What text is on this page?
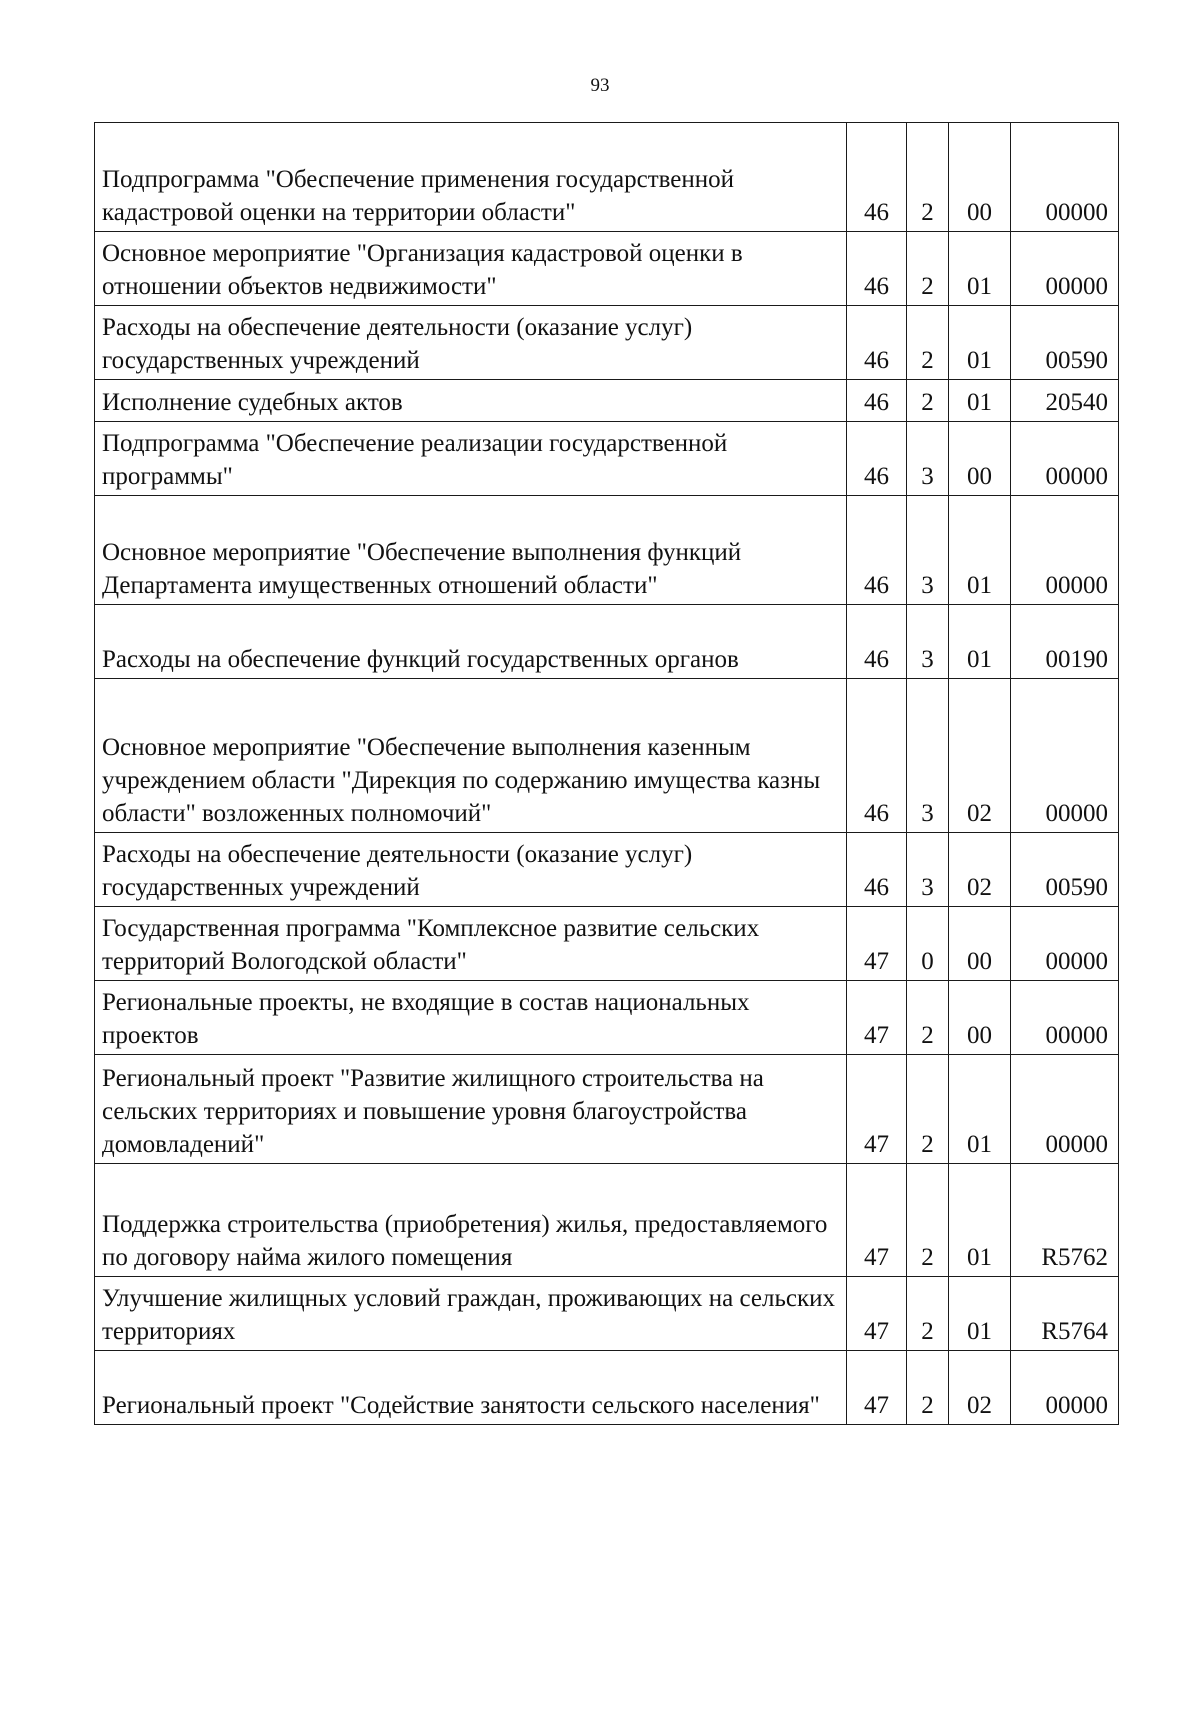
93
Подпрограмма "Обеспечение применения государственной кадастровой оценки на территории области"	46	2	00	00000
Основное мероприятие "Организация кадастровой оценки в отношении объектов недвижимости"	46	2	01	00000
Расходы на обеспечение деятельности (оказание услуг) государственных учреждений	46	2	01	00590
Исполнение судебных актов	46	2	01	20540
Подпрограмма "Обеспечение реализации государственной программы"	46	3	00	00000
Основное мероприятие "Обеспечение выполнения функций Департамента имущественных отношений области"	46	3	01	00000
Расходы на обеспечение функций государственных органов	46	3	01	00190
Основное мероприятие "Обеспечение выполнения казенным учреждением области "Дирекция по содержанию имущества казны области" возложенных полномочий"	46	3	02	00000
Расходы на обеспечение деятельности (оказание услуг) государственных учреждений	46	3	02	00590
Государственная программа "Комплексное развитие сельских территорий Вологодской области"	47	0	00	00000
Региональные проекты, не входящие в состав национальных проектов	47	2	00	00000
Региональный проект "Развитие жилищного строительства на сельских территориях и повышение уровня благоустройства домовладений"	47	2	01	00000
Поддержка строительства (приобретения) жилья, предоставляемого по договору найма жилого помещения	47	2	01	R5762
Улучшение жилищных условий граждан, проживающих на сельских территориях	47	2	01	R5764
Региональный проект "Содействие занятости сельского населения"	47	2	02	00000
